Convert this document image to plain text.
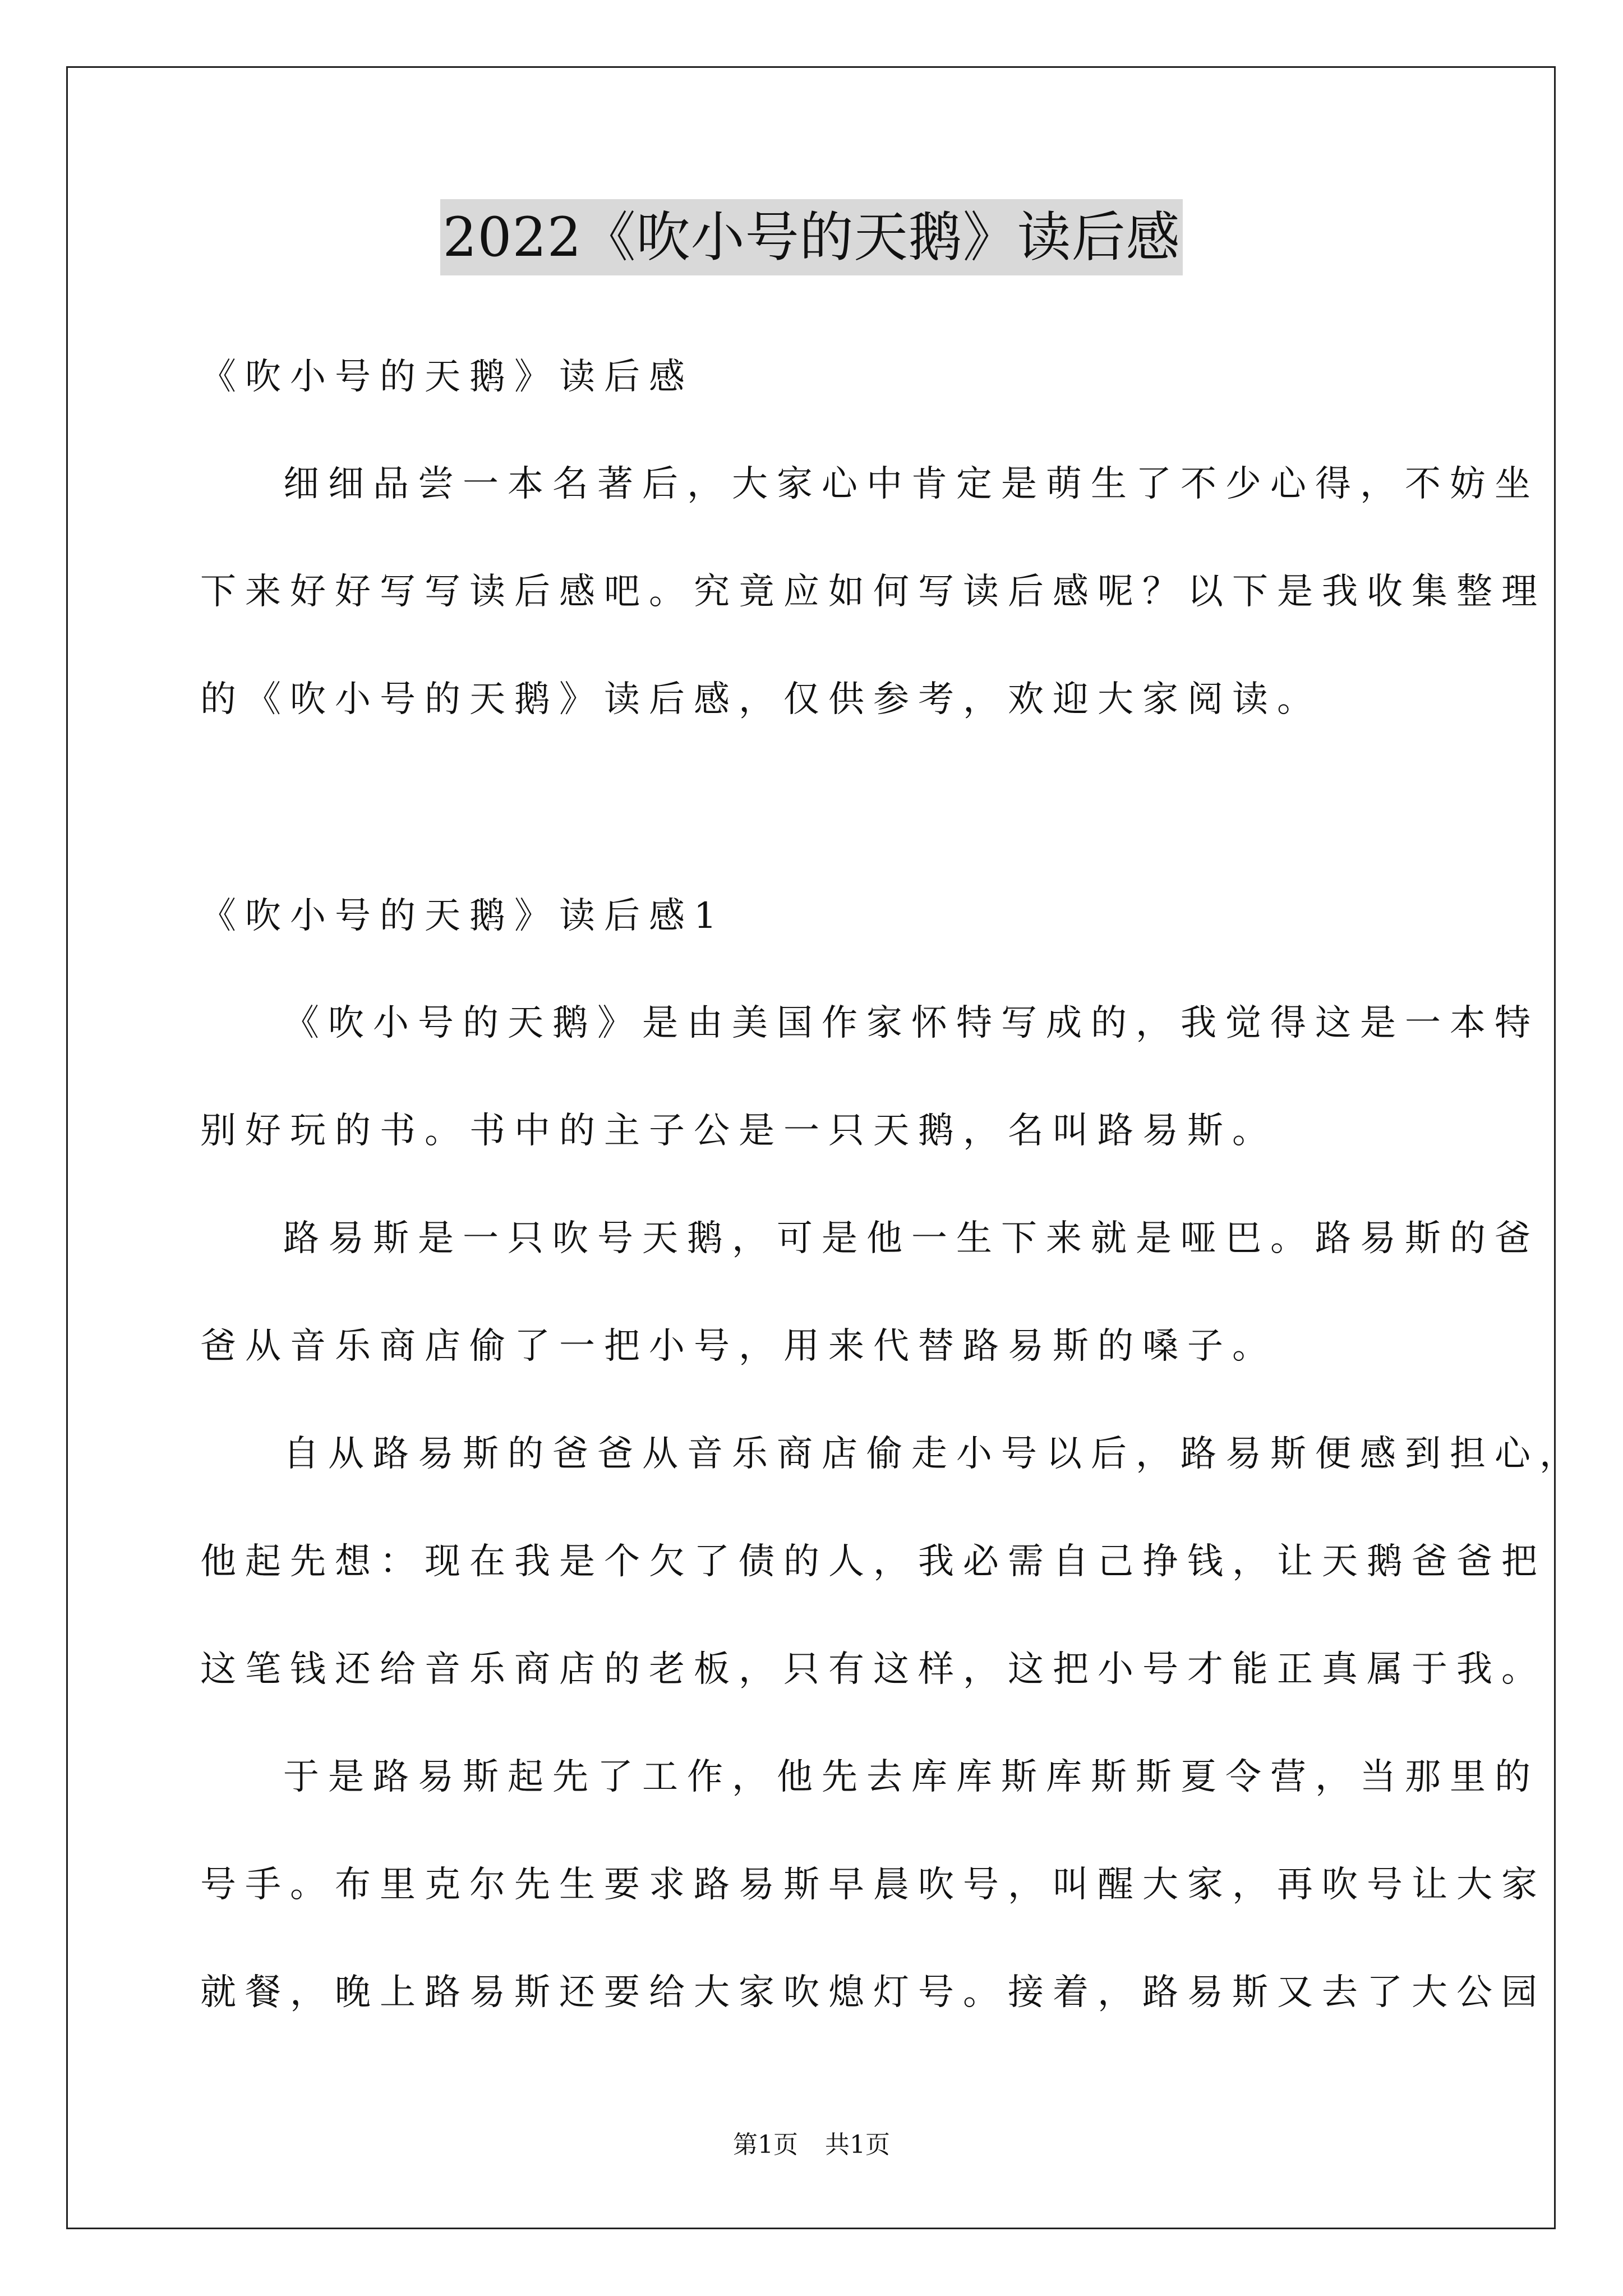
2022《吹小号的天鹅》读后感
《吹小号的天鹅》读后感
细细品尝一本名著后，大家心中肯定是萌生了不少心得，不妨坐
下来好好写写读后感吧。究竟应如何写读后感呢？以下是我收集整理
的《吹小号的天鹅》读后感，仅供参考，欢迎大家阅读。
《吹小号的天鹅》读后感1
《吹小号的天鹅》是由美国作家怀特写成的，我觉得这是一本特
别好玩的书。书中的主子公是一只天鹅，名叫路易斯。
路易斯是一只吹号天鹅，可是他一生下来就是哑巴。路易斯的爸
爸从音乐商店偷了一把小号，用来代替路易斯的嗓子。
自从路易斯的爸爸从音乐商店偷走小号以后，路易斯便感到担心，
他起先想：现在我是个欠了债的人，我必需自己挣钱，让天鹅爸爸把
这笔钱还给音乐商店的老板，只有这样，这把小号才能正真属于我。
于是路易斯起先了工作，他先去库库斯库斯斯夏令营，当那里的
号手。布里克尔先生要求路易斯早晨吹号，叫醒大家，再吹号让大家
就餐，晚上路易斯还要给大家吹熄灯号。接着，路易斯又去了大公园
第1页 共1页
